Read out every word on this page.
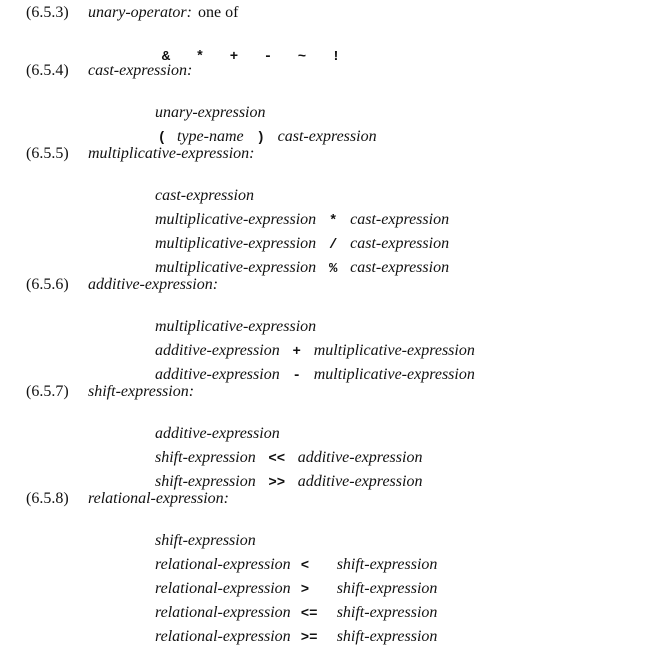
(6.5.3) unary-operator: one of

& * + - ~ !

(6.5.4) cast-expression:

unary-expression

( type-name ) cast-expression

(6.5.5) multiplicative-expression:

cast-expression

multiplicative-expression * cast-expression

multiplicative-expression / cast-expression

multiplicative-expression % cast-expression

(6.5.6) additive-expression:

multiplicative-expression

additive-expression + multiplicative-expression

additive-expression - multiplicative-expression

(6.5.7) shift-expression:

additive-expression

shift-expression << additive-expression

shift-expression >> additive-expression

(6.5.8) relational-expression:

shift-expression

relational-expression < shift-expression

relational-expression > shift-expression

relational-expression <= shift-expression

relational-expression >= shift-expression
